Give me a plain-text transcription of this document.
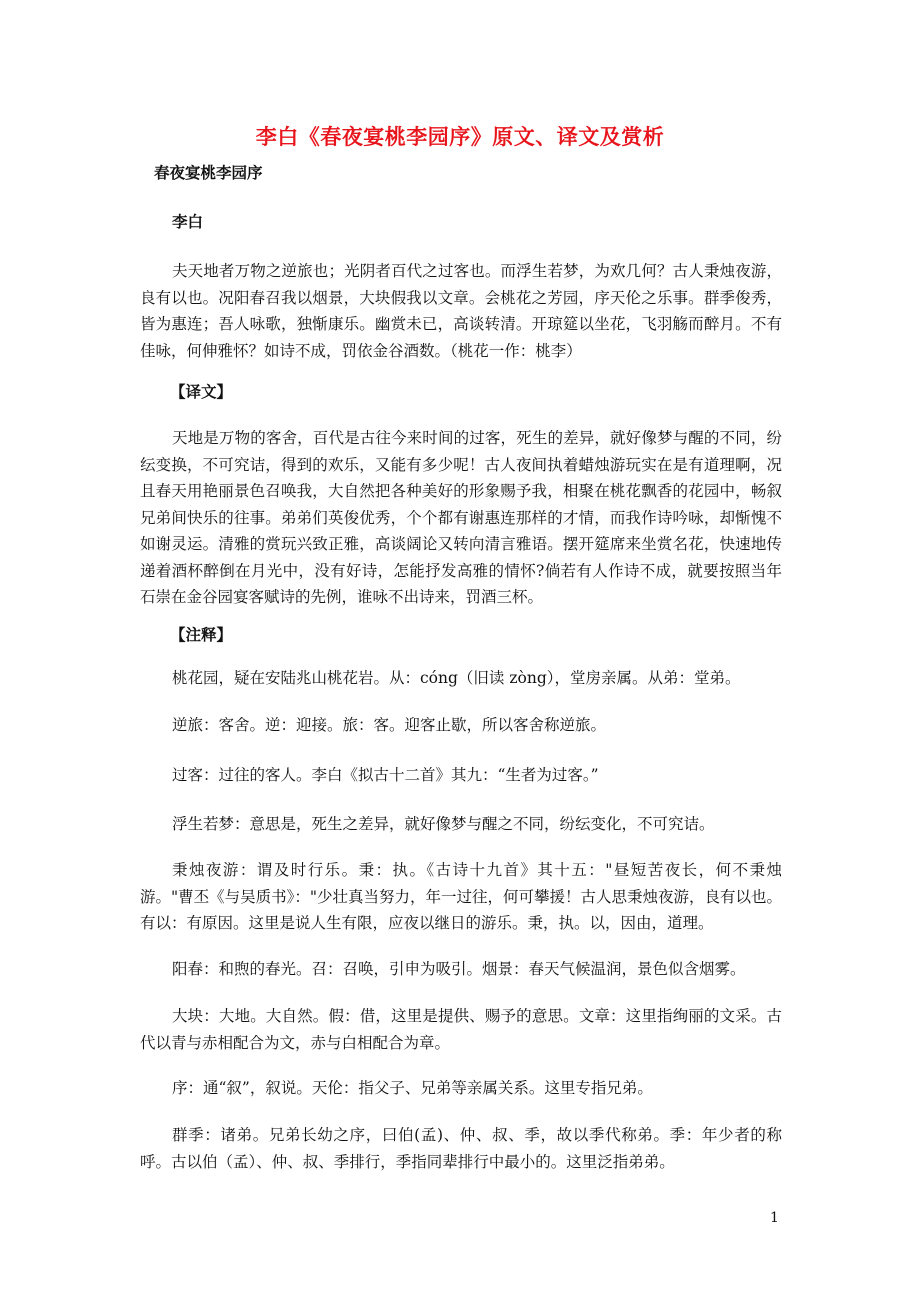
李白《春夜宴桃李园序》原文、译文及赏析
春夜宴桃李园序
李白
夫天地者万物之逆旅也；光阴者百代之过客也。而浮生若梦，为欢几何？古人秉烛夜游，良有以也。况阳春召我以烟景，大块假我以文章。会桃花之芳园，序天伦之乐事。群季俊秀，皆为惠连；吾人咏歌，独惭康乐。幽赏未已，高谈转清。开琼筵以坐花，飞羽觞而醉月。不有佳咏，何伸雅怀？如诗不成，罚依金谷酒数。（桃花一作：桃李）
【译文】
天地是万物的客舍，百代是古往今来时间的过客，死生的差异，就好像梦与醒的不同，纷纭变换，不可究诘，得到的欢乐，又能有多少呢！古人夜间执着蜡烛游玩实在是有道理啊，况且春天用艳丽景色召唤我，大自然把各种美好的形象赐予我，相聚在桃花飘香的花园中，畅叙兄弟间快乐的往事。弟弟们英俊优秀，个个都有谢惠连那样的才情，而我作诗吟咏，却惭愧不如谢灵运。清雅的赏玩兴致正雅，高谈阔论又转向清言雅语。摆开筵席来坐赏名花，快速地传递着酒杯醉倒在月光中，没有好诗，怎能抒发高雅的情怀?倘若有人作诗不成，就要按照当年石崇在金谷园宴客赋诗的先例，谁咏不出诗来，罚酒三杯。
【注释】
桃花园，疑在安陆兆山桃花岩。从：cóng（旧读 zòng），堂房亲属。从弟：堂弟。
逆旅：客舍。逆：迎接。旅：客。迎客止歇，所以客舍称逆旅。
过客：过往的客人。李白《拟古十二首》其九：“生者为过客。”
浮生若梦：意思是，死生之差异，就好像梦与醒之不同，纷纭变化，不可究诘。
秉烛夜游：谓及时行乐。秉：执。《古诗十九首》其十五："昼短苦夜长，何不秉烛游。"曹丕《与吴质书》："少壮真当努力，年一过往，何可攀援！古人思秉烛夜游，良有以也。有以：有原因。这里是说人生有限，应夜以继日的游乐。秉，执。以，因由，道理。
阳春：和煦的春光。召：召唤，引申为吸引。烟景：春天气候温润，景色似含烟雾。
大块：大地。大自然。假：借，这里是提供、赐予的意思。文章：这里指绚丽的文采。古代以青与赤相配合为文，赤与白相配合为章。
序：通“叙”，叙说。天伦：指父子、兄弟等亲属关系。这里专指兄弟。
群季：诸弟。兄弟长幼之序，曰伯(孟)、仲、叔、季，故以季代称弟。季：年少者的称呼。古以伯（孟）、仲、叔、季排行，季指同辈排行中最小的。这里泛指弟弟。
1
